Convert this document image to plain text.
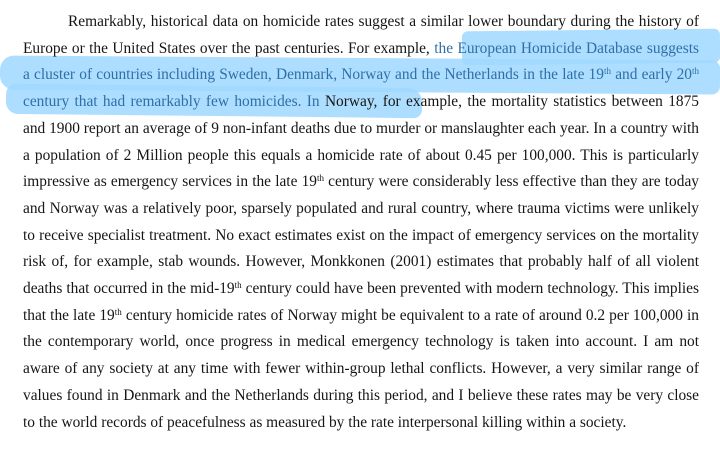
Remarkably, historical data on homicide rates suggest a similar lower boundary during the history of Europe or the United States over the past centuries. For example, the European Homicide Database suggests a cluster of countries including Sweden, Denmark, Norway and the Netherlands in the late 19th and early 20th century that had remarkably few homicides. In Norway, for example, the mortality statistics between 1875 and 1900 report an average of 9 non-infant deaths due to murder or manslaughter each year. In a country with a population of 2 Million people this equals a homicide rate of about 0.45 per 100,000. This is particularly impressive as emergency services in the late 19th century were considerably less effective than they are today and Norway was a relatively poor, sparsely populated and rural country, where trauma victims were unlikely to receive specialist treatment. No exact estimates exist on the impact of emergency services on the mortality risk of, for example, stab wounds. However, Monkkonen (2001) estimates that probably half of all violent deaths that occurred in the mid-19th century could have been prevented with modern technology. This implies that the late 19th century homicide rates of Norway might be equivalent to a rate of around 0.2 per 100,000 in the contemporary world, once progress in medical emergency technology is taken into account. I am not aware of any society at any time with fewer within-group lethal conflicts. However, a very similar range of values found in Denmark and the Netherlands during this period, and I believe these rates may be very close to the world records of peacefulness as measured by the rate interpersonal killing within a society.
